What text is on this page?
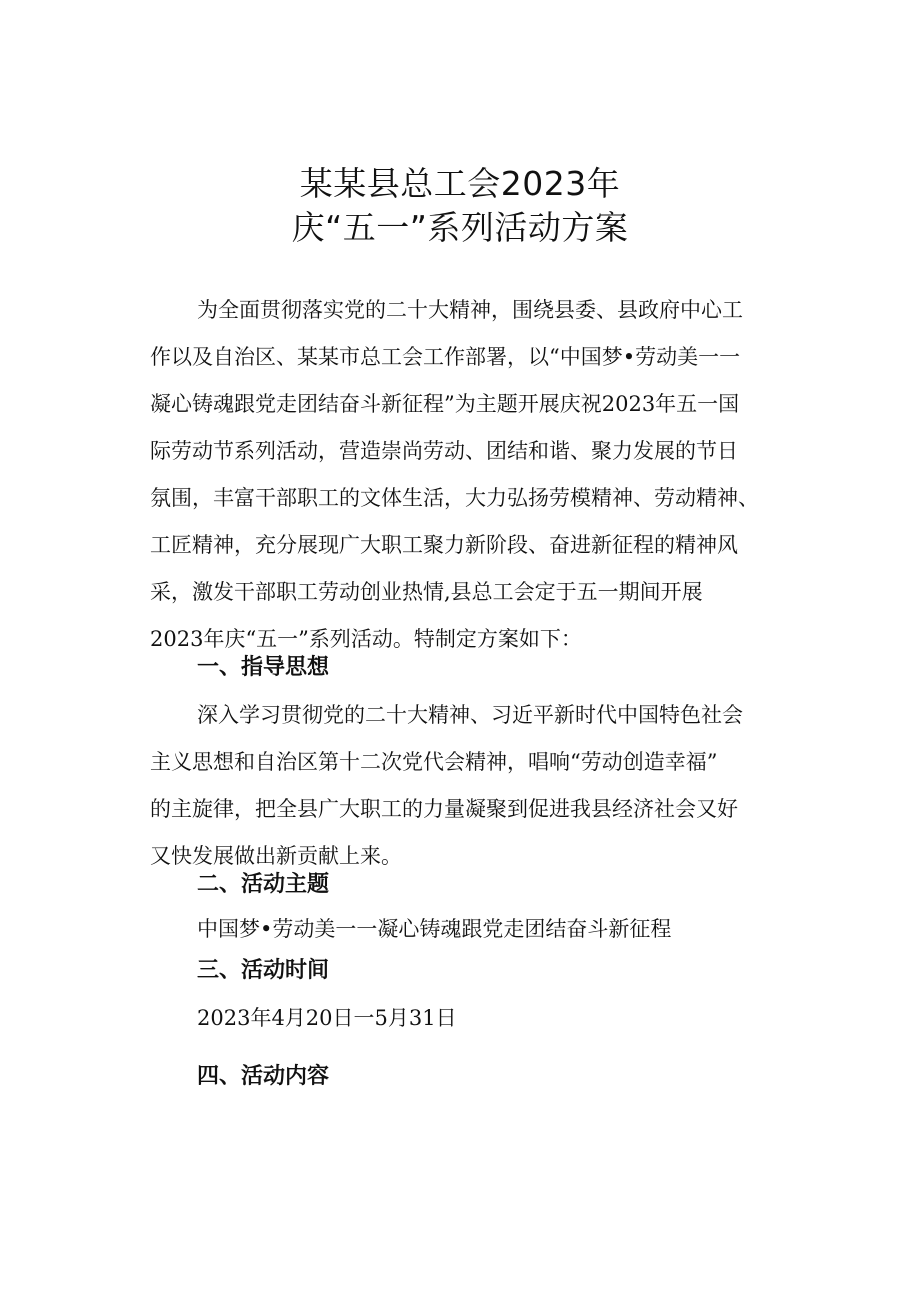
某某县总工会2023年
庆“五一”系列活动方案

为全面贯彻落实党的二十大精神，围绕县委、县政府中心工

作以及自治区、某某市总工会工作部署，以“中国梦•劳动美一一

凝心铸魂跟党走团结奋斗新征程”为主题开展庆祝2023年五一国

际劳动节系列活动，营造崇尚劳动、团结和谐、聚力发展的节日

氛围，丰富干部职工的文体生活，大力弘扬劳模精神、劳动精神、

工匠精神，充分展现广大职工聚力新阶段、奋进新征程的精神风

采，激发干部职工劳动创业热情,县总工会定于五一期间开展

2023年庆“五一”系列活动。特制定方案如下：

一、指导思想

深入学习贯彻党的二十大精神、习近平新时代中国特色社会

主义思想和自治区第十二次党代会精神，唱响“劳动创造幸福”

的主旋律，把全县广大职工的力量凝聚到促进我县经济社会又好

又快发展做出新贡献上来。

二、活动主题

中国梦•劳动美一一凝心铸魂跟党走团结奋斗新征程

三、活动时间

2023年4月20日一5月31日

四、活动内容
